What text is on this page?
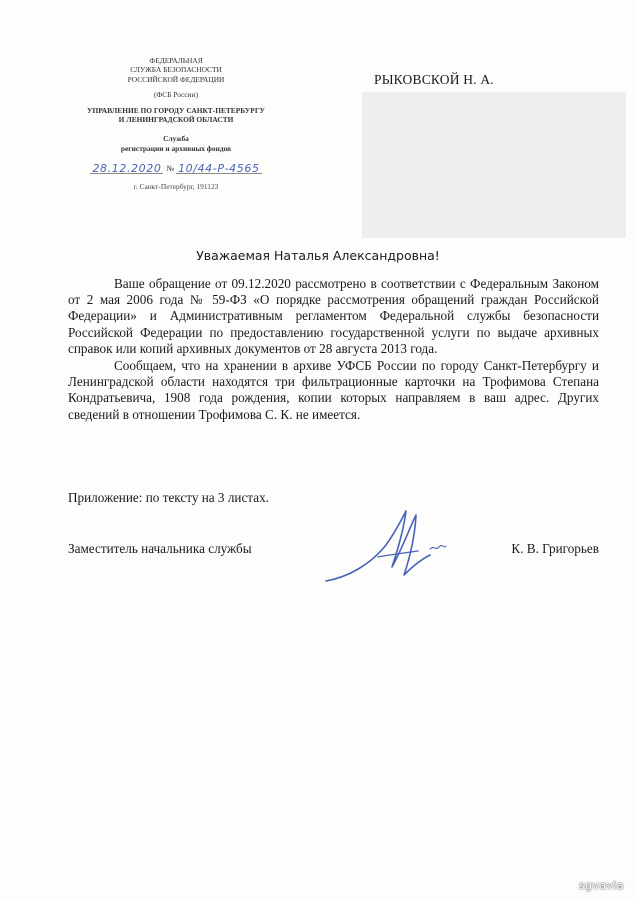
ФЕДЕРАЛЬНАЯ
СЛУЖБА БЕЗОПАСНОСТИ
РОССИЙСКОЙ ФЕДЕРАЦИИ
(ФСБ России)
УПРАВЛЕНИЕ ПО ГОРОДУ САНКТ-ПЕТЕРБУРГУ
И ЛЕНИНГРАДСКОЙ ОБЛАСТИ
Служба
регистрации и архивных фондов
28.12.2020 № 10/44-Р-4565
г. Санкт-Петербург, 191123
РЫКОВСКОЙ Н. А.
Уважаемая Наталья Александровна!

Ваше обращение от 09.12.2020 рассмотрено в соответствии с Федеральным Законом от 2 мая 2006 года № 59-ФЗ «О порядке рассмотрения обращений граждан Российской Федерации» и Административным регламентом Федеральной службы безопасности Российской Федерации по предоставлению государственной услуги по выдаче архивных справок или копий архивных документов от 28 августа 2013 года.

Сообщаем, что на хранении в архиве УФСБ России по городу Санкт-Петербургу и Ленинградской области находятся три фильтрационные карточки на Трофимова Степана Кондратьевича, 1908 года рождения, копии которых направляем в ваш адрес. Других сведений в отношении Трофимова С. К. не имеется.

Приложение: по тексту на 3 листах.
Заместитель начальника службы	К. В. Григорьев
sgvavia
